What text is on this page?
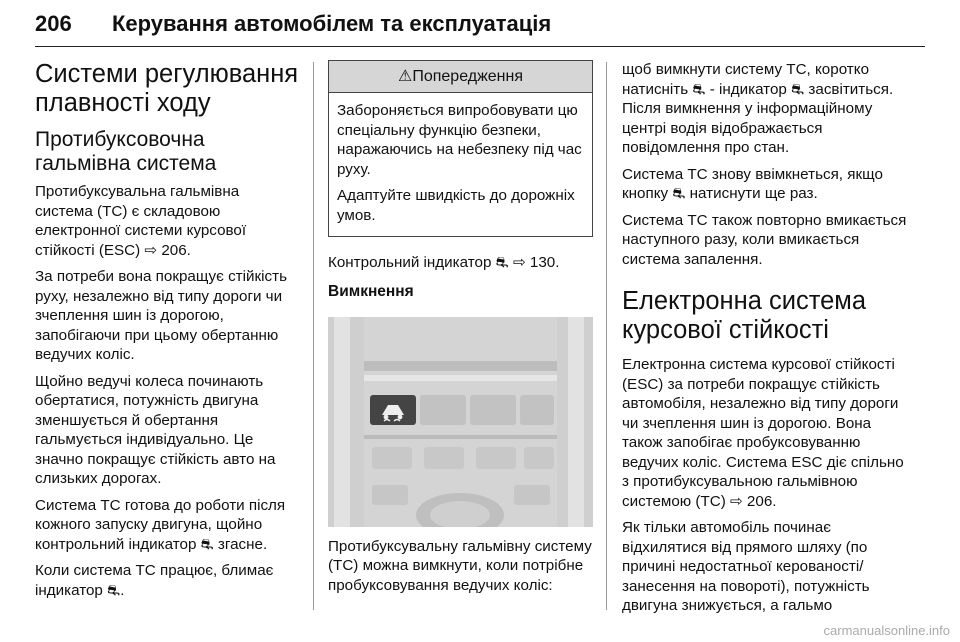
206 Керування автомобілем та експлуатація
Системи регулювання плавності ходу
Протибуксовочна гальмівна система

Протибуксувальна гальмівна система (TC) є складовою електронної системи курсової стійкості (ESC) ⇨ 206.

За потреби вона покращує стійкість руху, незалежно від типу дороги чи зчеплення шин із дорогою, запобігаючи при цьому обертанню ведучих коліс.

Щойно ведучі колеса починають обертатися, потужність двигуна зменшується й обертання гальмується індивідуально. Це значно покращує стійкість авто на слизьких дорогах.

Система TC готова до роботи після кожного запуску двигуна, щойно контрольний індикатор ⛐ згасне.

Коли система TC працює, блимає індикатор ⛐.

⚠Попередження

Забороняється випробовувати цю спеціальну функцію безпеки, наражаючись на небезпеку під час руху.

Адаптуйте швидкість до дорожніх умов.

Контрольний індикатор ⛐ ⇨ 130.

Вимкнення

Протибуксувальну гальмівну систему (TC) можна вимкнути, коли потрібне пробуксовування ведучих коліс:

щоб вимкнути систему TC, коротко натисніть ⛐ - індикатор ⛐ засвітиться. Після вимкнення у інформаційному центрі водія відображається повідомлення про стан.

Система TC знову ввімкнеться, якщо кнопку ⛐ натиснути ще раз.

Система TC також повторно вмикається наступного разу, коли вмикається система запалення.

Електронна система курсової стійкості

Електронна система курсової стійкості (ESC) за потреби покращує стійкість автомобіля, незалежно від типу дороги чи зчеплення шин із дорогою. Вона також запобігає пробуксовуванню ведучих коліс. Система ESC діє спільно з протибуксувальною гальмівною системою (TC) ⇨ 206.

Як тільки автомобіль починає відхилятися від прямого шляху (по причині недостатньої керованості/ занесення на повороті), потужність двигуна знижується, а гальмо

carmanualsonline.info
